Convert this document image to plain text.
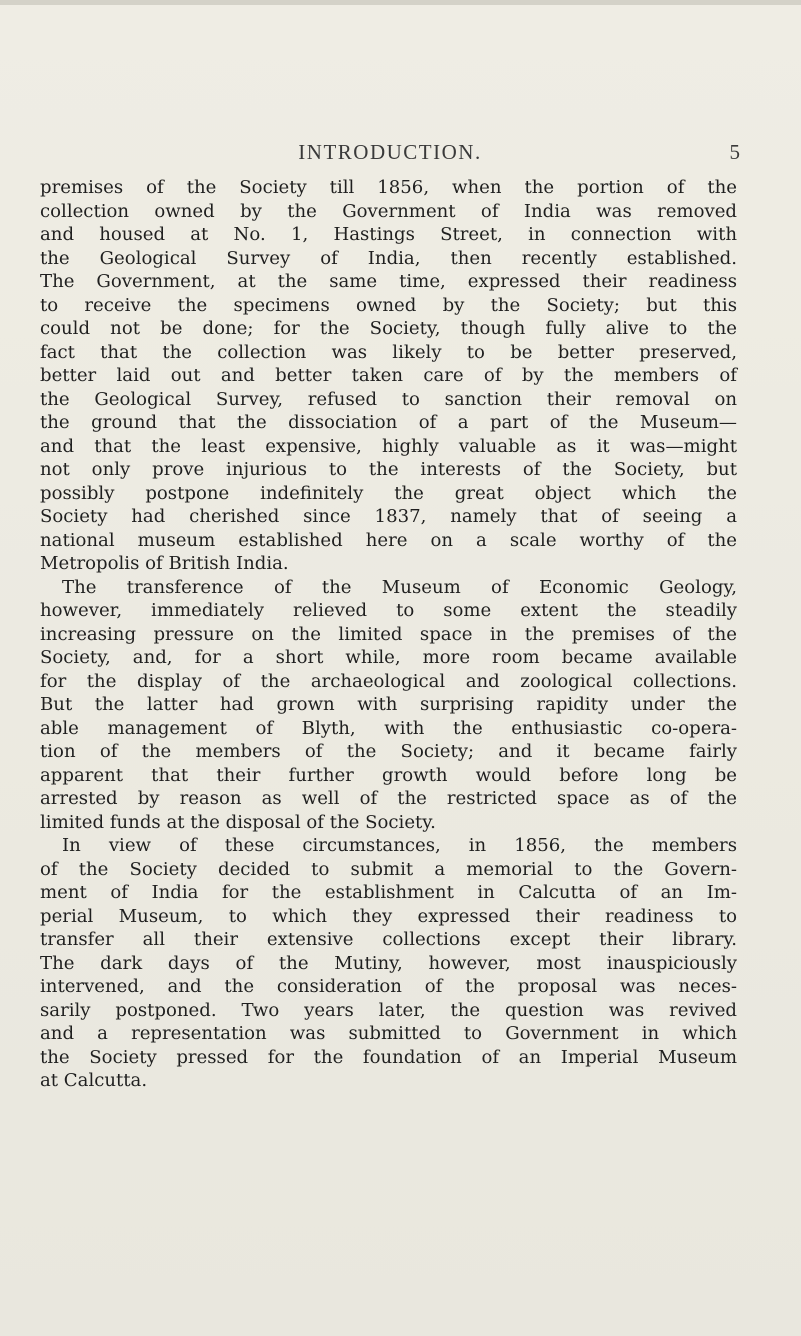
INTRODUCTION.	5
premises of the Society till 1856, when the portion of the
collection owned by the Government of India was removed
and housed at No. 1, Hastings Street, in connection with
the Geological Survey of India, then recently established.
The Government, at the same time, expressed their readiness
to receive the specimens owned by the Society; but this
could not be done; for the Society, though fully alive to the
fact that the collection was likely to be better preserved,
better laid out and better taken care of by the members of
the Geological Survey, refused to sanction their removal on
the ground that the dissociation of a part of the Museum—
and that the least expensive, highly valuable as it was—might
not only prove injurious to the interests of the Society, but
possibly postpone indefinitely the great object which the
Society had cherished since 1837, namely that of seeing a
national museum established here on a scale worthy of the
Metropolis of British India.
The transference of the Museum of Economic Geology,
however, immediately relieved to some extent the steadily
increasing pressure on the limited space in the premises of the
Society, and, for a short while, more room became available
for the display of the archaeological and zoological collections.
But the latter had grown with surprising rapidity under the
able management of Blyth, with the enthusiastic co-opera-
tion of the members of the Society; and it became fairly
apparent that their further growth would before long be
arrested by reason as well of the restricted space as of the
limited funds at the disposal of the Society.
In view of these circumstances, in 1856, the members
of the Society decided to submit a memorial to the Govern-
ment of India for the establishment in Calcutta of an Im-
perial Museum, to which they expressed their readiness to
transfer all their extensive collections except their library.
The dark days of the Mutiny, however, most inauspiciously
intervened, and the consideration of the proposal was neces-
sarily postponed. Two years later, the question was revived
and a representation was submitted to Government in which
the Society pressed for the foundation of an Imperial Museum
at Calcutta.
